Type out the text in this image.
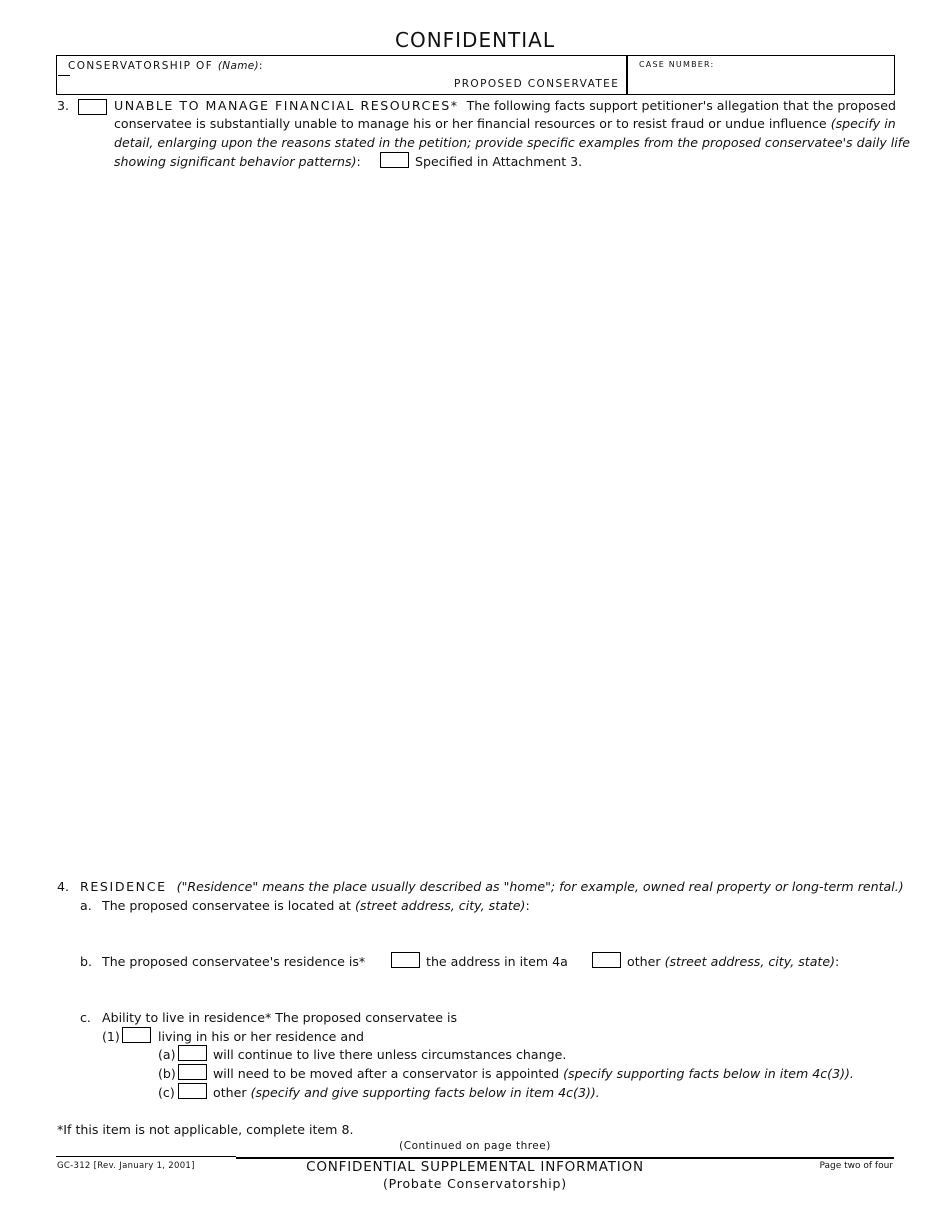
CONFIDENTIAL
CONSERVATORSHIP OF (Name):
PROPOSED CONSERVATEE
CASE NUMBER:
3.	UNABLE TO MANAGE FINANCIAL RESOURCES* The following facts support petitioner's allegation that the proposed
conservatee is substantially unable to manage his or her financial resources or to resist fraud or undue influence (specify in
detail, enlarging upon the reasons stated in the petition; provide specific examples from the proposed conservatee's daily life
showing significant behavior patterns):	Specified in Attachment 3.
4. RESIDENCE ("Residence" means the place usually described as "home"; for example, owned real property or long-term rental.)
a. The proposed conservatee is located at (street address, city, state):
b. The proposed conservatee's residence is*	the address in item 4a	other (street address, city, state):
c. Ability to live in residence* The proposed conservatee is
(1)	living in his or her residence and
(a)	will continue to live there unless circumstances change.
(b)	will need to be moved after a conservator is appointed (specify supporting facts below in item 4c(3)).
(c)	other (specify and give supporting facts below in item 4c(3)).
*If this item is not applicable, complete item 8.
(Continued on page three)
GC-312 [Rev. January 1, 2001]	CONFIDENTIAL SUPPLEMENTAL INFORMATION
(Probate Conservatorship)
Page two of four
